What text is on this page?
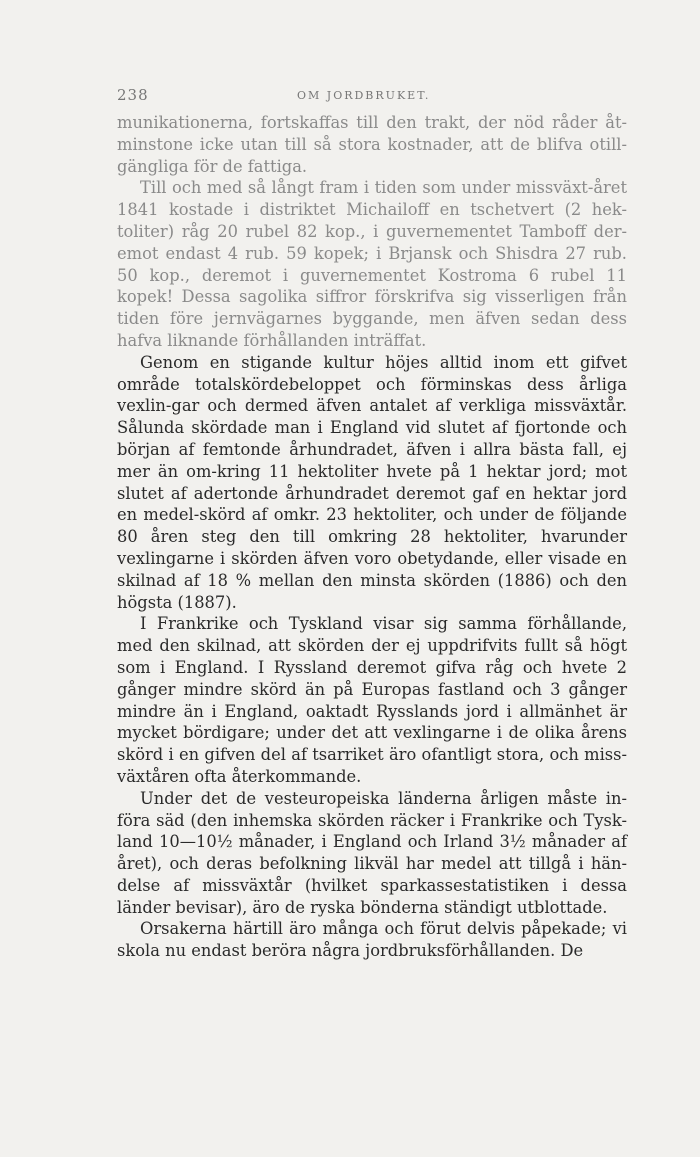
238	OM JORDBRUKET.

munikationerna, fortskaffas till den trakt, der nöd råder åt-minstone icke utan till så stora kostnader, att de blifva otill-gängliga för de fattiga.

Till och med så långt fram i tiden som under missväxt-året 1841 kostade i distriktet Michailoff en tschetvert (2 hek-toliter) råg 20 rubel 82 kop., i guvernementet Tamboff der-emot endast 4 rub. 59 kopek; i Brjansk och Shisdra 27 rub. 50 kop., deremot i guvernementet Kostroma 6 rubel 11 kopek! Dessa sagolika siffror förskrifva sig visserligen från tiden före jernvägarnes byggande, men äfven sedan dess hafva liknande förhållanden inträffat.

Genom en stigande kultur höjes alltid inom ett gifvet område totalskördebeloppet och förminskas dess årliga vexlin-gar och dermed äfven antalet af verkliga missväxtår. Sålunda skördade man i England vid slutet af fjortonde och början af femtonde århundradet, äfven i allra bästa fall, ej mer än om-kring 11 hektoliter hvete på 1 hektar jord; mot slutet af adertonde århundradet deremot gaf en hektar jord en medel-skörd af omkr. 23 hektoliter, och under de följande 80 åren steg den till omkring 28 hektoliter, hvarunder vexlingarne i skörden äfven voro obetydande, eller visade en skilnad af 18 % mellan den minsta skörden (1886) och den högsta (1887).

I Frankrike och Tyskland visar sig samma förhållande, med den skilnad, att skörden der ej uppdrifvits fullt så högt som i England. I Ryssland deremot gifva råg och hvete 2 gånger mindre skörd än på Europas fastland och 3 gånger mindre än i England, oaktadt Rysslands jord i allmänhet är mycket bördigare; under det att vexlingarne i de olika årens skörd i en gifven del af tsarriket äro ofantligt stora, och miss-växtåren ofta återkommande.

Under det de vesteuropeiska länderna årligen måste in-föra säd (den inhemska skörden räcker i Frankrike och Tysk-land 10—10½ månader, i England och Irland 3½ månader af året), och deras befolkning likväl har medel att tillgå i hän-delse af missväxtår (hvilket sparkassestatistiken i dessa länder bevisar), äro de ryska bönderna ständigt utblottade.

Orsakerna härtill äro många och förut delvis påpekade; vi skola nu endast beröra några jordbruksförhållanden. De
